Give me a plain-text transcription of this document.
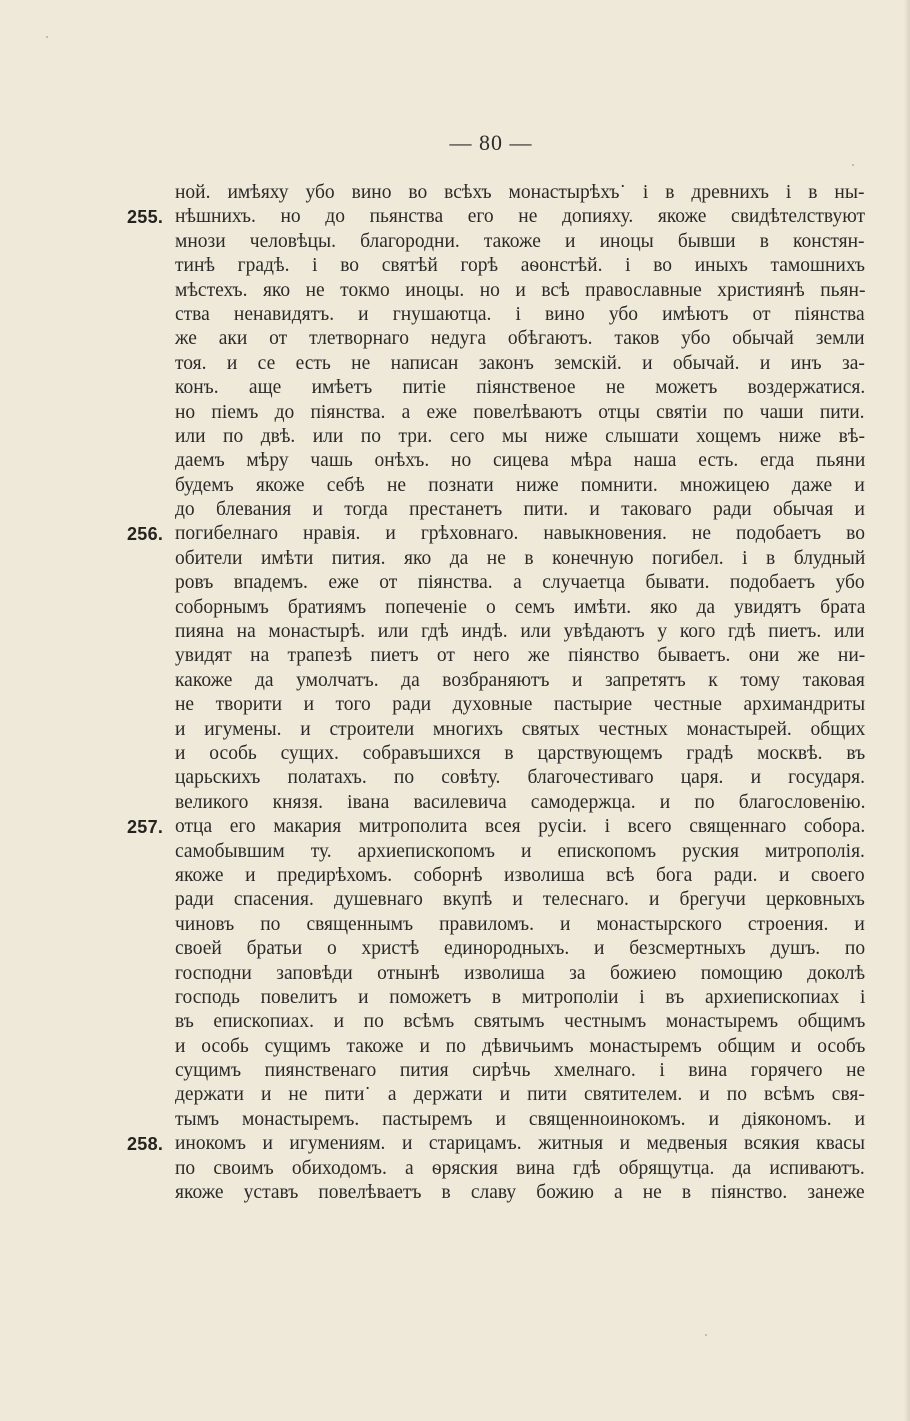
— 80 —
ной. имѣяху убо вино во всѣхъ монастырѣхъ˙ і в древнихъ і в ны-
255. нѣшнихъ. но до пьянства его не допияху. якоже свидѣтелствуют
мнози человѣцы. благородни. такоже и иноцы бывши в констян-
тинѣ градѣ. і во святѣй горѣ аѳонстѣй. і во иныхъ тамошнихъ
мѣстехъ. яко не токмо иноцы. но и всѣ православные християнѣ пьян-
ства ненавидятъ. и гнушаютца. і вино убо имѣютъ от піянства
же аки от тлетворнаго недуга обѣгаютъ. таков убо обычай земли
тоя. и се есть не написан законъ земскій. и обычай. и инъ за-
конъ. аще имѣетъ питіе піянственое не можетъ воздержатися.
но піемъ до піянства. а еже повелѣваютъ отцы святіи по чаши пити.
или по двѣ. или по три. сего мы ниже слышати хощемъ ниже вѣ-
даемъ мѣру чашь онѣхъ. но сицева мѣра наша есть. егда пьяни
будемъ якоже себѣ не познати ниже помнити. множицею даже и
до блевания и тогда престанетъ пити. и таковаго ради обычая и
256. погибелнаго нравія. и грѣховнаго. навыкновения. не подобаетъ во
обители имѣти пития. яко да не в конечную погибел. і в блудный
ровъ впадемъ. еже от піянства. а случаетца бывати. подобаетъ убо
соборнымъ братиямъ попеченіе о семъ имѣти. яко да увидятъ брата
пияна на монастырѣ. или гдѣ индѣ. или увѣдаютъ у кого гдѣ пиетъ. или
увидят на трапезѣ пиетъ от него же піянство бываетъ. они же ни-
какоже да умолчатъ. да возбраняютъ и запретятъ к тому таковая
не творити и того ради духовные пастырие честные архимандриты
и игумены. и строители многихъ святых честных монастырей. общих
и особь сущих. собравъшихся в царствующемъ градѣ москвѣ. въ
царьскихъ полатахъ. по совѣту. благочестиваго царя. и государя.
великого князя. івана василевича самодержца. и по благословенію.
257. отца его макария митрополита всея русіи. і всего священнаго собора.
самобывшим ту. архиепископомъ и епископомъ руския митрополія.
якоже и предирѣхомъ. соборнѣ изволиша всѣ бога ради. и своего
ради спасения. душевнаго вкупѣ и телеснаго. и брегучи церковныхъ
чиновъ по священнымъ правиломъ. и монастырского строения. и
своей братьи о христѣ единородныхъ. и безсмертныхъ душъ. по
господни заповѣди отнынѣ изволиша за божиею помощию доколѣ
господь повелитъ и поможетъ в митрополіи і въ архиепископиах і
въ епископиах. и по всѣмъ святымъ честнымъ монастыремъ общимъ
и особь сущимъ такоже и по дѣвичьимъ монастыремъ общим и особъ
сущимъ пиянственаго пития сирѣчь хмелнаго. і вина горячего не
держати и не пити˙ а держати и пити святителем. и по всѣмъ свя-
тымъ монастыремъ. пастыремъ и священноинокомъ. и діякономъ. и
258. инокомъ и игумениям. и старицамъ. житныя и медвеныя всякия квасы
по своимъ обиходомъ. а ѳряския вина гдѣ обрящутца. да испиваютъ.
якоже уставъ повелѣваетъ в славу божию а не в піянство. занеже
